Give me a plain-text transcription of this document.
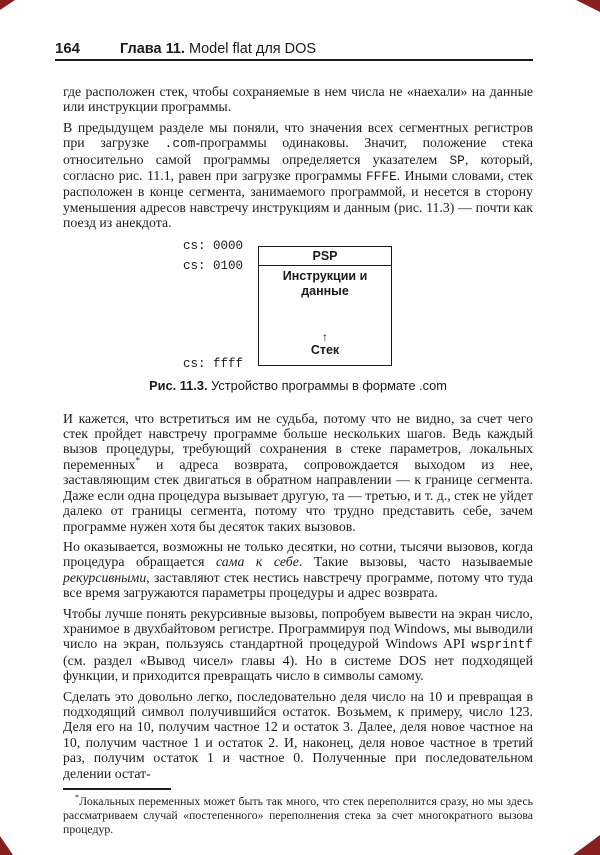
164	Глава 11. Model flat для DOS

где расположен стек, чтобы сохраняемые в нем числа не «наехали» на данные или инструкции программы.

В предыдущем разделе мы поняли, что значения всех сегментных регистров при загрузке .com-программы одинаковы. Значит, положение стека относительно самой программы определяется указателем SP, который, согласно рис. 11.1, равен при загрузке программы FFFE. Иными словами, стек расположен в конце сегмента, занимаемого программой, и несется в сторону уменьшения адресов навстречу инструкциям и данным (рис. 11.3) — почти как поезд из анекдота.

cs: 0000
cs: 0100
cs: ffff
PSP
Инструкции и данные
↑
Стек
Рис. 11.3. Устройство программы в формате .com

И кажется, что встретиться им не судьба, потому что не видно, за счет чего стек пройдет навстречу программе больше нескольких шагов. Ведь каждый вызов процедуры, требующий сохранения в стеке параметров, локальных переменных* и адреса возврата, сопровождается выходом из нее, заставляющим стек двигаться в обратном направлении — к границе сегмента. Даже если одна процедура вызывает другую, та — третью, и т. д., стек не уйдет далеко от границы сегмента, потому что трудно представить себе, зачем программе нужен хотя бы десяток таких вызовов.

Но оказывается, возможны не только десятки, но сотни, тысячи вызовов, когда процедура обращается сама к себе. Такие вызовы, часто называемые рекурсивными, заставляют стек нестись навстречу программе, потому что туда все время загружаются параметры процедуры и адрес возврата.

Чтобы лучше понять рекурсивные вызовы, попробуем вывести на экран число, хранимое в двухбайтовом регистре. Программируя под Windows, мы выводили число на экран, пользуясь стандартной процедурой Windows API wsprintf (см. раздел «Вывод чисел» главы 4). Но в системе DOS нет подходящей функции, и приходится превращать число в символы самому.

Сделать это довольно легко, последовательно деля число на 10 и превращая в подходящий символ получившийся остаток. Возьмем, к примеру, число 123. Деля его на 10, получим частное 12 и остаток 3. Далее, деля новое частное на 10, получим частное 1 и остаток 2. И, наконец, деля новое частное в третий раз, получим остаток 1 и частное 0. Полученные при последовательном делении остат-

*Локальных переменных может быть так много, что стек переполнится сразу, но мы здесь рассматриваем случай «постепенного» переполнения стека за счет многократного вызова процедур.
